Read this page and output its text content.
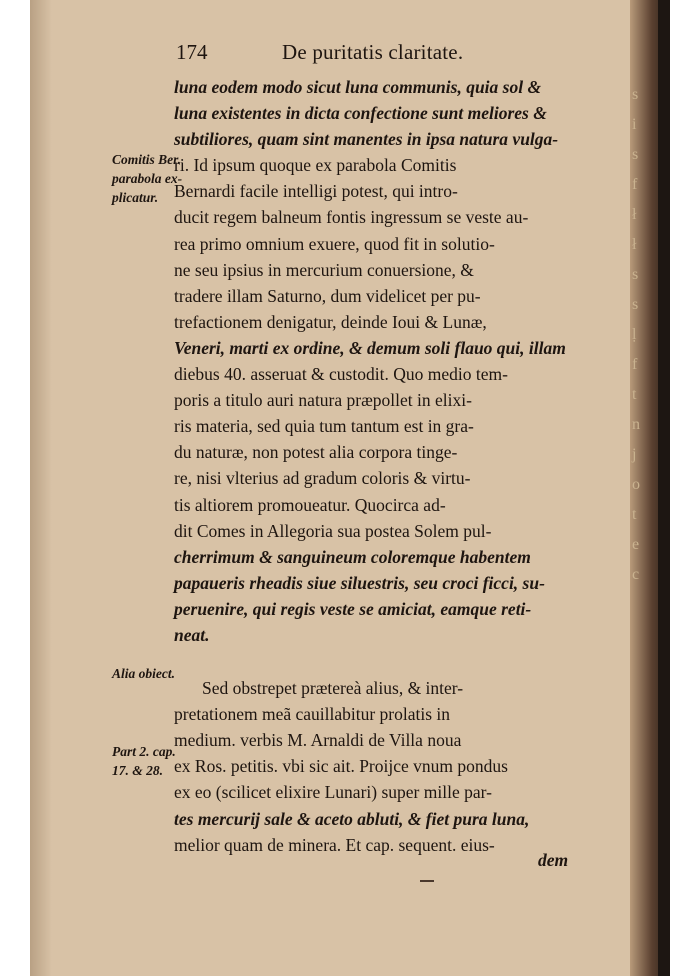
s
i
s
f
ł
ł
s
s
ḷ
f
t
n
j
o
t
e
c
174	De puritatis claritate.
Comitis Ber.
parabola ex-
plicatur.
Alia obiect.
Part 2. cap.
17. & 28.
luna eodem modo sicut luna communis, quia sol &
luna existentes in dicta confectione sunt meliores &
subtiliores, quam sint manentes in ipsa natura vulga-
ri. Id ipsum quoque ex parabola Comitis
Bernardi facile intelligi potest, qui intro-
ducit regem balneum fontis ingressum se veste au-
rea primo omnium exuere, quod fit in solutio-
ne seu ipsius in mercurium conuersione, &
tradere illam Saturno, dum videlicet per pu-
trefactionem denigatur, deinde Ioui & Lunæ,
Veneri, marti ex ordine, & demum soli flauo qui, illam
diebus 40. asseruat & custodit. Quo medio tem-
poris a titulo auri natura præpollet in elixi-
ris materia, sed quia tum tantum est in gra-
du naturæ, non potest alia corpora tinge-
re, nisi vlterius ad gradum coloris & virtu-
tis altiorem promoueatur. Quocirca ad-
dit Comes in Allegoria sua postea Solem pul-
cherrimum & sanguineum coloremque habentem
papaueris rheadis siue siluestris, seu croci ficci, su-
peruenire, qui regis veste se amiciat, eamque reti-
neat.
Sed obstrepet prætereà alius, & inter-
pretationem meã cauillabitur prolatis in
medium. verbis M. Arnaldi de Villa noua
ex Ros. petitis. vbi sic ait. Proijce vnum pondus
ex eo (scilicet elixire Lunari) super mille par-
tes mercurij sale & aceto abluti, & fiet pura luna,
melior quam de minera. Et cap. sequent. eius-
dem
